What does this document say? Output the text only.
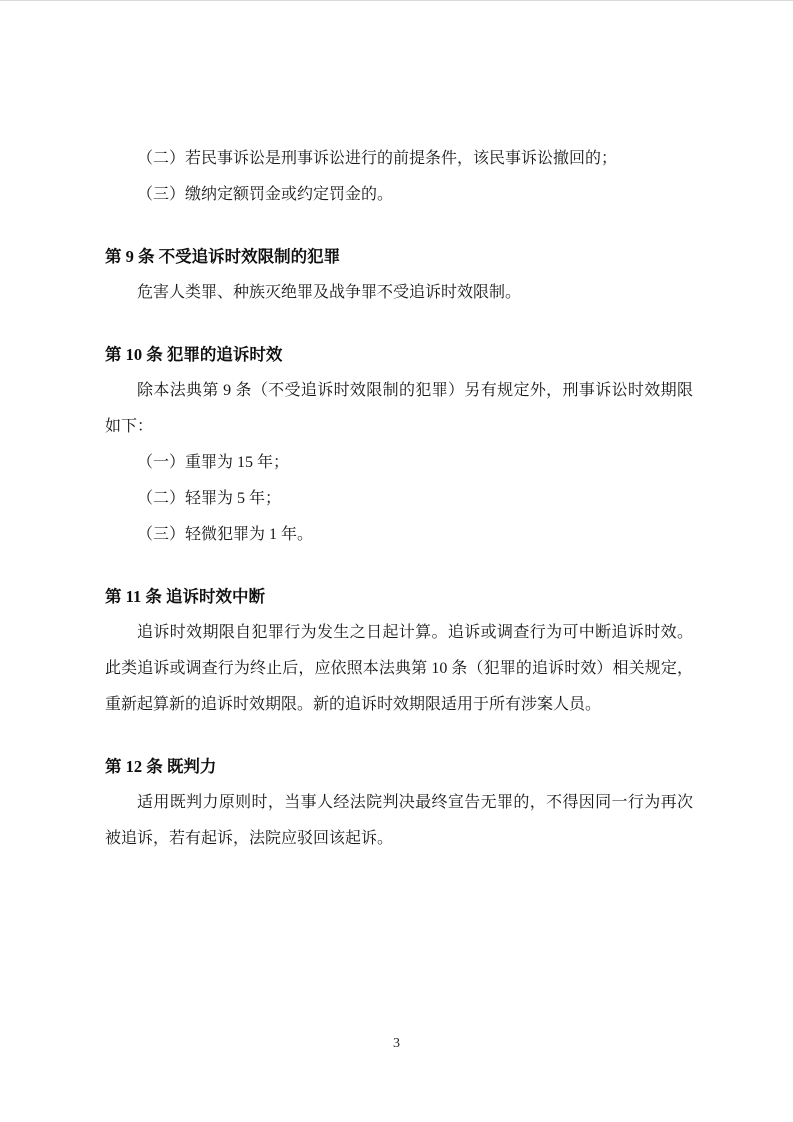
（二）若民事诉讼是刑事诉讼进行的前提条件，该民事诉讼撤回的；

（三）缴纳定额罚金或约定罚金的。

第 9 条 不受追诉时效限制的犯罪

危害人类罪、种族灭绝罪及战争罪不受追诉时效限制。

第 10 条 犯罪的追诉时效

除本法典第 9 条（不受追诉时效限制的犯罪）另有规定外，刑事诉讼时效期限如下：

（一）重罪为 15 年；

（二）轻罪为 5 年；

（三）轻微犯罪为 1 年。

第 11 条 追诉时效中断

追诉时效期限自犯罪行为发生之日起计算。追诉或调查行为可中断追诉时效。此类追诉或调查行为终止后，应依照本法典第 10 条（犯罪的追诉时效）相关规定，重新起算新的追诉时效期限。新的追诉时效期限适用于所有涉案人员。

第 12 条 既判力

适用既判力原则时，当事人经法院判决最终宣告无罪的，不得因同一行为再次被追诉，若有起诉，法院应驳回该起诉。

3
